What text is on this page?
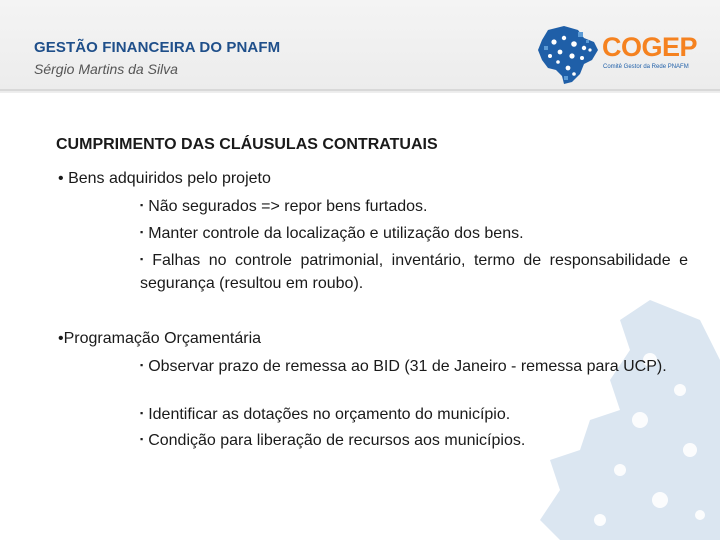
GESTÃO FINANCEIRA DO PNAFM
Sérgio Martins da Silva
COGEP
Comitê Gestor da Rede PNAFM
CUMPRIMENTO DAS CLÁUSULAS CONTRATUAIS
• Bens adquiridos pelo projeto
▪ Não segurados => repor bens furtados.
▪ Manter controle da localização e utilização dos bens.
▪ Falhas no controle patrimonial, inventário, termo de responsabilidade e segurança (resultou em roubo).
•Programação Orçamentária
▪ Observar prazo de remessa ao BID (31 de Janeiro - remessa para UCP).
▪ Identificar as dotações no orçamento do município.
▪ Condição para liberação de recursos aos municípios.
